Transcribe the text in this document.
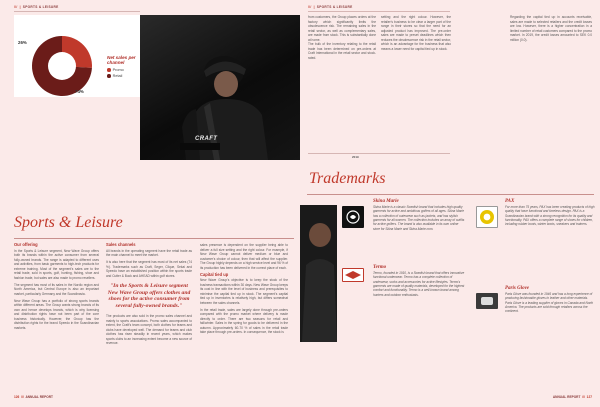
/// | SPORTS & LEISURE
26%
74%
Net sales per channel
Promo
Retail
CRAFT
Sports & Leisure
Our offering
In the Sports & Leisure segment, New Wave Group offers both its brands within the active consumer from several fully-owned brands. The range is adapted to different uses and activities, from basic garments to high-tech products for extreme training. Most of the segment's sales are to the retail trade, sold in sports, golf, hunting, fishing, shoe and fashion trade, but sales are also made to promo resellers.
The segment has most of its sales in the Nordic region and North America, but Central Europe is also an important market, particularly Germany and the Scandinavia.
New Wave Group has a portfolio of strong sports brands within different areas. The Group wants strong brands of its own and hence develops brands, which is why licensing and distribution rights have not been part of the core business historically. However, the Group has the distribution rights for the brand Speedo in the Scandinavian markets.
Sales channels
All brands in the operating segment have the retail trade as the main channel to meet the market.
It is also here that the segment has most of its net sales (74 %). Trademarks such as Craft, Seger, Clique, Sekai and Speedo have an established position within the sports trade and Cutter & Buck and AHEAD within golf stores.
"In the Sports & Leisure segment New Wave Group offers clothes and shoes for the active consumer from several fully-owned brands."
The products are also sold in the promo sales channel and mainly to sports associations. Promo sales accompanied to extent, the Craft's team concept, both clothes for teams and clubs have developed well. The demand for teams and club clothes has risen steadily in recent years, which makes sports clubs to an increasing extent become a new source of revenue.
sales presence is dependent on the supplier being able to deliver a full size setting and the right colour. For example, if New Wave Group cannot deliver medium or blue and customer's choice of colour, then that will affect the supplier. The Group highly depends on a high service level and 96 % of its production has been delivered in the correct place of each.
Capital tied up
New Wave Group's objective is to keep the stock of the business transactions within 30 days. New Wave Group keeps its cost in line with the level of business and prerequisites to minimise the capital tied up in stock. The segment's capital tied up in inventories is relatively high, but differs somewhat between the sales channels.
In the retail trade, sales are largely done through pre-orders compared with the promo market where delivery is made directly to order. There are two seasons for retail and fall/winter. Sales in the spring for goods to be delivered in the autumn. Approximately 60-70 % of sales in the retail trade take place through pre-orders. In consequence, the stock is
126 /// ANNUAL REPORT
/// | SPORTS & LEISURE
from customers, the Group places orders at the factory which significantly limits the obsolescence risk. The remaining sales in the retail sector, as well as complementary sales, are made from stock. This is substantially done at home.
The bulk of the inventory relating to the retail trade has been determined on pre-orders at Craft International in the retail sector and stock-rated.
setting and the right colour. However, the retailer's business to be clear a larger part of the range in their stores so that the need for an adjusted product has improved. The pre-order sales are made to preset deadlines which then reduces the obsolescence risk in the retail sector, which is an advantage for the business that also means a lower need for capital tied up in stock.
Regarding the capital tied up in accounts receivable, sales are made to selected retailers and the credit losses are low. However, there is a higher concentration in a limited number of retail customers compared to the promo market. In 2019, the credit losses amounted to SEK 0.0 million (0.0).
2019
Trademarks
Skina Marie
Skina Marie is a classic Swedish brand that includes high quality garments for active and ambitious golfers of all ages. Skina Marie has a collection of outerwear such as jackets, and has stylish garments for all women. The collection includes an array of outfits for active golfers. The brand is also available in its own online store for Skina Marie and Skina-Marie.com.
Termo
Termo, founded in 1910, is a Swedish brand that offers innovative functional underwear. Termo has a complete collection of underwear, socks and accessories for active lifestyles. Termo's garments are made of quality materials, developed for the highest comfort and functionality. Termo is a well-known brand among hunters and outdoor enthusiasts.
PAX
For more than 75 years, PAX has been creating products of high quality that have functional and timeless design. PAX is a Scandinavian brand with a strong recognition for its quality and functionality. PAX offers a complete range of shoes for children, including rubber boots, winter boots, sneakers and trainers.
Paris Glove
Paris Glove was founded in 1946 and has a long experience of producing fashionable gloves in leather and other materials. Paris Glove is a leading supplier of gloves in Canada and North America. The products are sold through retailers across the continent.
ANNUAL REPORT /// 127
